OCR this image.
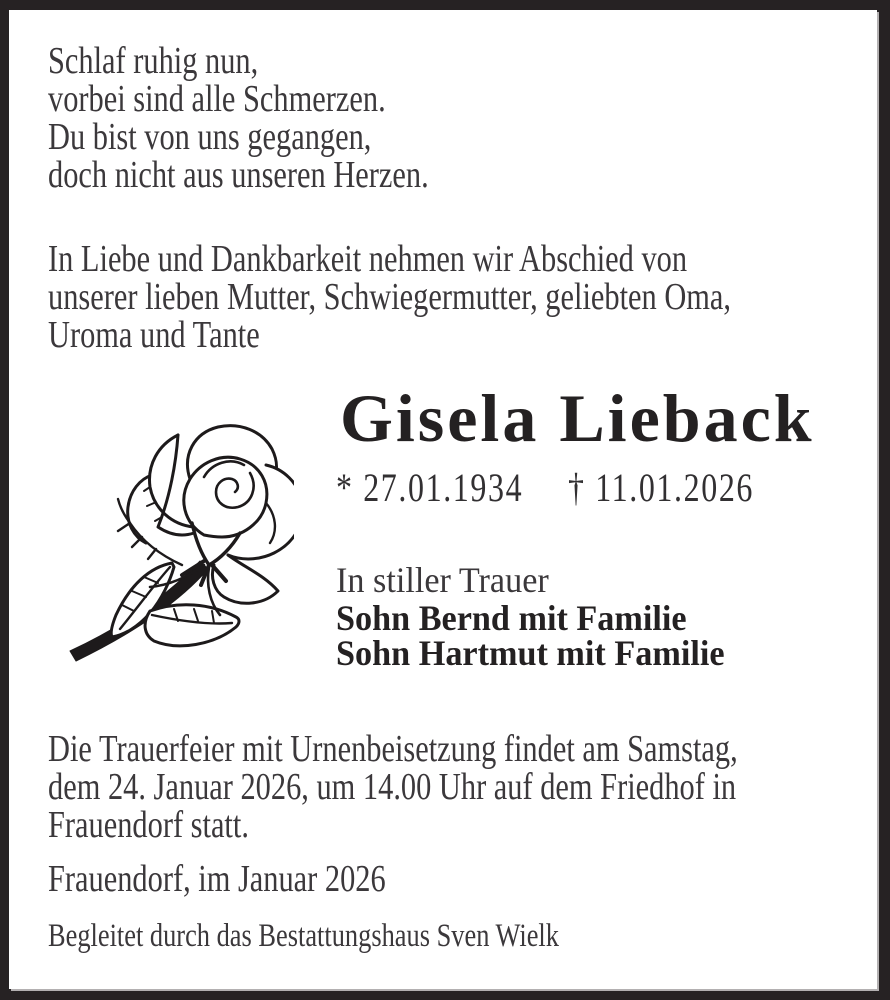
Schlaf ruhig nun,
vorbei sind alle Schmerzen.
Du bist von uns gegangen,
doch nicht aus unseren Herzen.
In Liebe und Dankbarkeit nehmen wir Abschied von
unserer lieben Mutter, Schwiegermutter, geliebten Oma,
Uroma und Tante
Gisela Lieback
* 27.01.1934 † 11.01.2026
In stiller Trauer
Sohn Bernd mit Familie
Sohn Hartmut mit Familie
Die Trauerfeier mit Urnenbeisetzung findet am Samstag,
dem 24. Januar 2026, um 14.00 Uhr auf dem Friedhof in
Frauendorf statt.
Frauendorf, im Januar 2026
Begleitet durch das Bestattungshaus Sven Wielk
